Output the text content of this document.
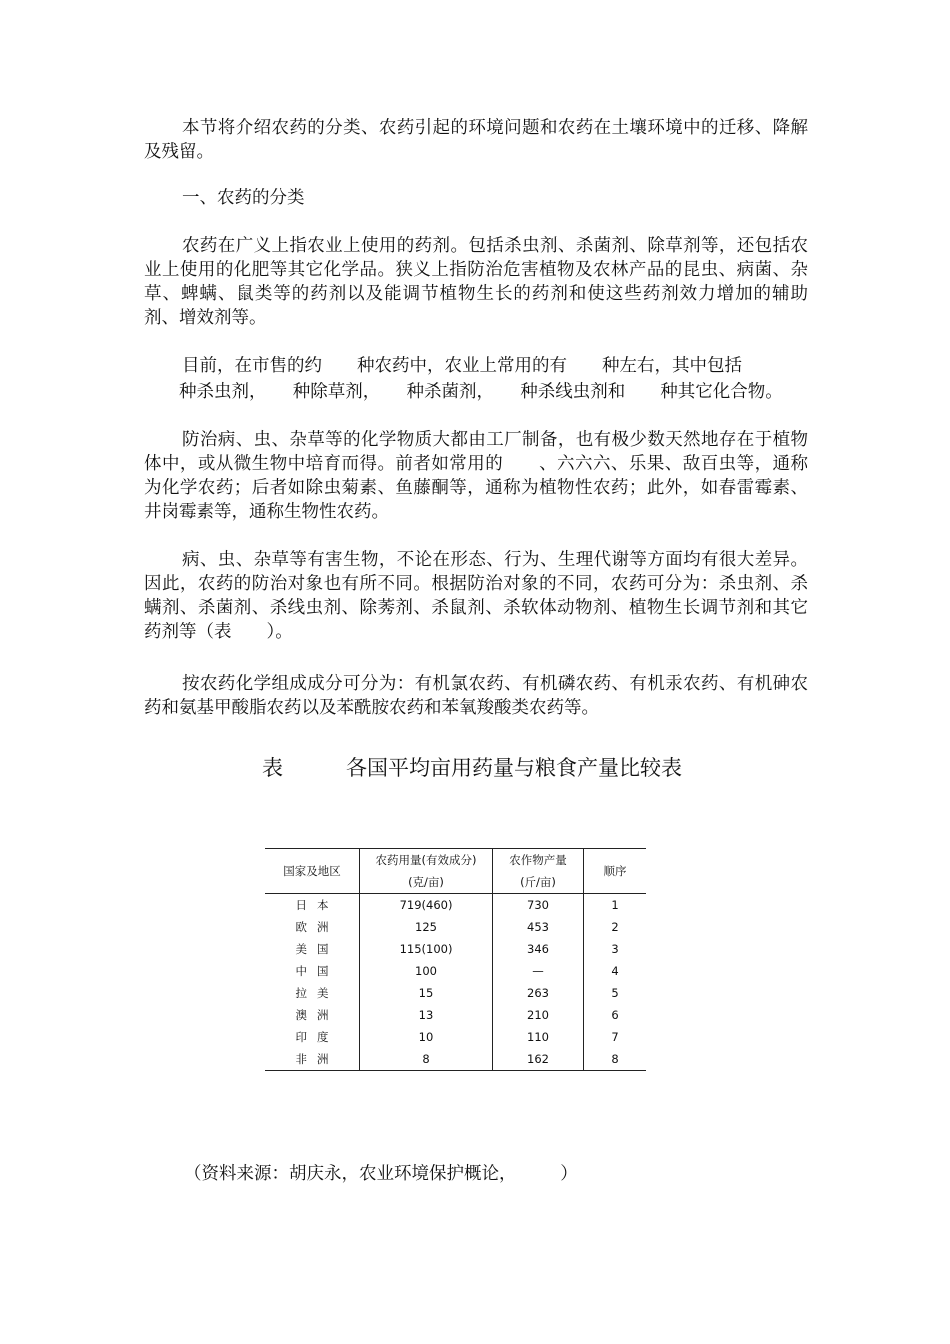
本节将介绍农药的分类、农药引起的环境问题和农药在土壤环境中的迁移、降解及残留。

一、农药的分类

农药在广义上指农业上使用的药剂。包括杀虫剂、杀菌剂、除草剂等，还包括农业上使用的化肥等其它化学品。狭义上指防治危害植物及农林产品的昆虫、病菌、杂草、蜱螨、鼠类等的药剂以及能调节植物生长的药剂和使这些药剂效力增加的辅助剂、增效剂等。

目前，在市售的约　　种农药中，农业上常用的有　　种左右，其中包括

　　种杀虫剂，　　种除草剂，　　种杀菌剂，　　种杀线虫剂和　　种其它化合物。

防治病、虫、杂草等的化学物质大都由工厂制备，也有极少数天然地存在于植物体中，或从微生物中培育而得。前者如常用的　　、六六六、乐果、敌百虫等，通称为化学农药；后者如除虫菊素、鱼藤酮等，通称为植物性农药；此外，如春雷霉素、井岗霉素等，通称生物性农药。

病、虫、杂草等有害生物，不论在形态、行为、生理代谢等方面均有很大差异。因此，农药的防治对象也有所不同。根据防治对象的不同，农药可分为：杀虫剂、杀螨剂、杀菌剂、杀线虫剂、除莠剂、杀鼠剂、杀软体动物剂、植物生长调节剂和其它药剂等（表　　）。

按农药化学组成成分可分为：有机氯农药、有机磷农药、有机汞农药、有机砷农药和氨基甲酸脂农药以及苯酰胺农药和苯氧羧酸类农药等。

表　　　各国平均亩用药量与粮食产量比较表
国家及地区	农药用量(有效成分)	农作物产量	顺序
	(克/亩)	(斤/亩)	
日本	719(460)	730	1
欧洲	125	453	2
美国	115(100)	346	3
中国	100	—	4
拉美	15	263	5
澳洲	13	210	6
印度	10	110	7
非洲	8	162	8
（资料来源：胡庆永，农业环境保护概论，　　　）
